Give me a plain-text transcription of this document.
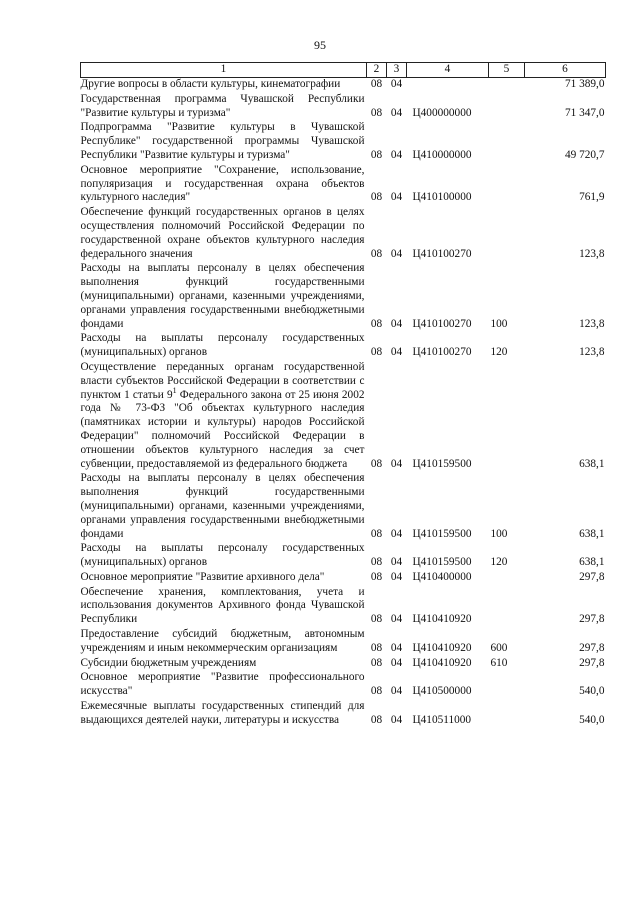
95
1	2	3	4	5	6
Другие вопросы в области культуры, кинематографии	08	04			71 389,0
Государственная программа Чувашской Республики "Развитие культуры и туризма"	08	04	Ц400000000		71 347,0
Подпрограмма "Развитие культуры в Чувашской Республике" государственной программы Чувашской Республики "Развитие культуры и туризма"	08	04	Ц410000000		49 720,7
Основное мероприятие "Сохранение, использование, популяризация и государственная охрана объектов культурного наследия"	08	04	Ц410100000		761,9
Обеспечение функций государственных органов в целях осуществления полномочий Российской Федерации по государственной охране объектов культурного наследия федерального значения	08	04	Ц410100270		123,8
Расходы на выплаты персоналу в целях обеспечения выполнения функций государственными (муниципальными) органами, казенными учреждениями, органами управления государственными внебюджетными фондами	08	04	Ц410100270	100	123,8
Расходы на выплаты персоналу государственных (муниципальных) органов	08	04	Ц410100270	120	123,8
Осуществление переданных органам государственной власти субъектов Российской Федерации в соответствии с пунктом 1 статьи $9^1$ Федерального закона от 25 июня 2002 года № 73-ФЗ "Об объектах культурного наследия (памятниках истории и культуры) народов Российской Федерации" полномочий Российской Федерации в отношении объектов культурного наследия за счет субвенции, предоставляемой из федерального бюджета	08	04	Ц410159500		638,1
Расходы на выплаты персоналу в целях обеспечения выполнения функций государственными (муниципальными) органами, казенными учреждениями, органами управления государственными внебюджетными фондами	08	04	Ц410159500	100	638,1
Расходы на выплаты персоналу государственных (муниципальных) органов	08	04	Ц410159500	120	638,1
Основное мероприятие "Развитие архивного дела"	08	04	Ц410400000		297,8
Обеспечение хранения, комплектования, учета и использования документов Архивного фонда Чувашской Республики	08	04	Ц410410920		297,8
Предоставление субсидий бюджетным, автономным учреждениям и иным некоммерческим организациям	08	04	Ц410410920	600	297,8
Субсидии бюджетным учреждениям	08	04	Ц410410920	610	297,8
Основное мероприятие "Развитие профессионального искусства"	08	04	Ц410500000		540,0
Ежемесячные выплаты государственных стипендий для выдающихся деятелей науки, литературы и искусства	08	04	Ц410511000		540,0
